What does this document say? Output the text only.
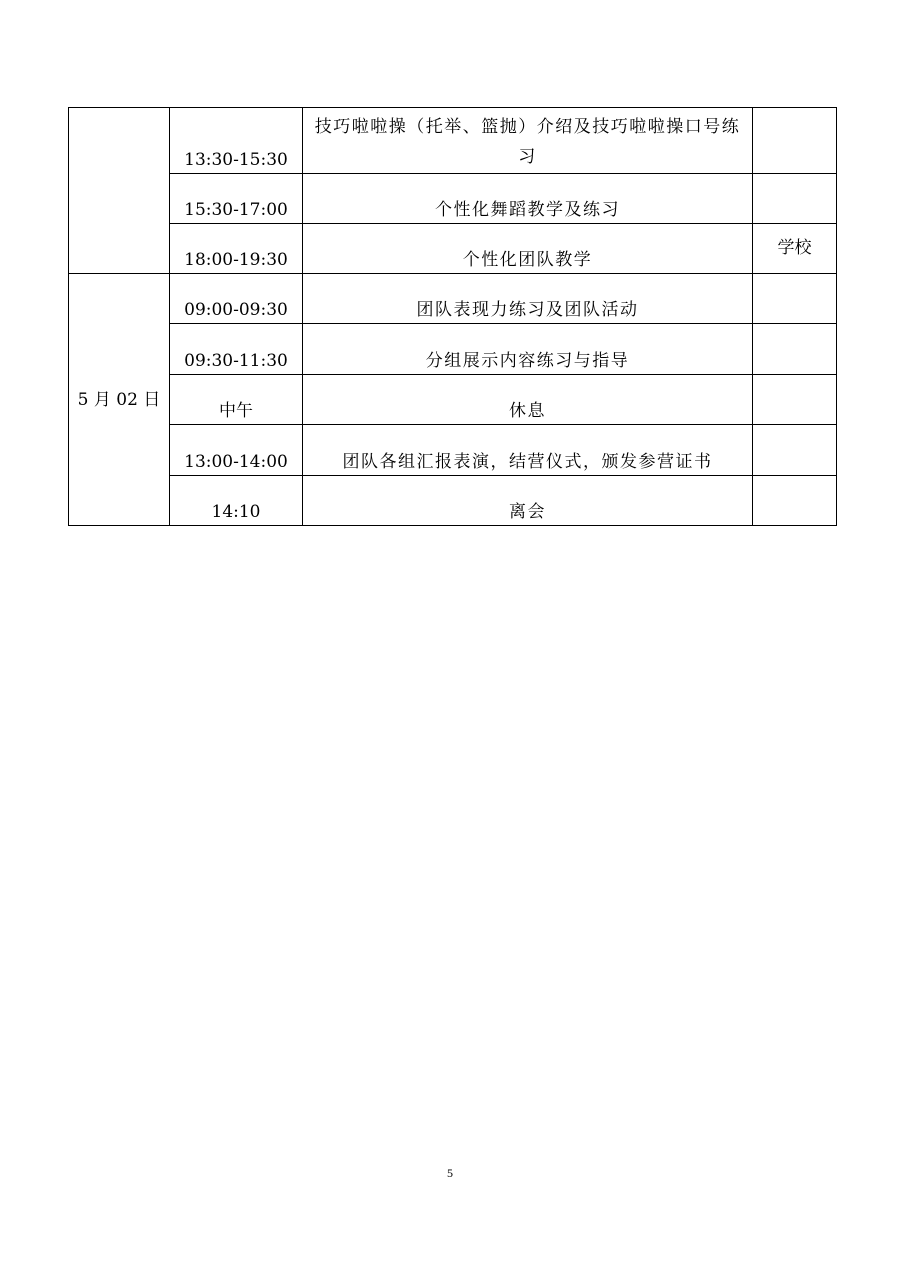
	13:30-15:30	技巧啦啦操（托举、篮抛）介绍及技巧啦啦操口号练习	
	15:30-17:00	个性化舞蹈教学及练习	
	18:00-19:30	个性化团队教学	学校
5 月 02 日	09:00-09:30	团队表现力练习及团队活动	
	09:30-11:30	分组展示内容练习与指导	
	中午	休息	
	13:00-14:00	团队各组汇报表演，结营仪式，颁发参营证书	
	14:10	离会	
5
